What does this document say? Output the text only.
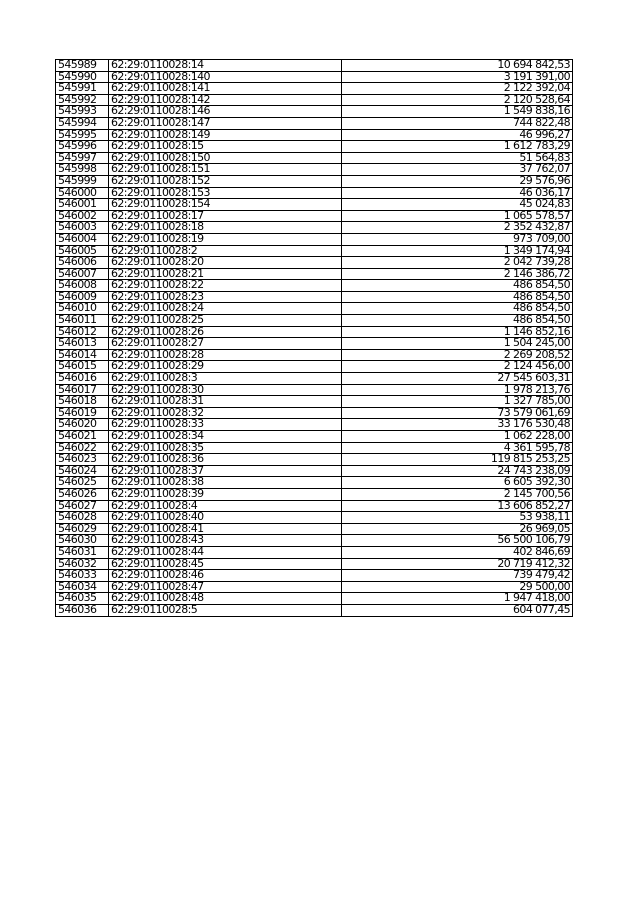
545989	62:29:0110028:14	10 694 842,53
545990	62:29:0110028:140	3 191 391,00
545991	62:29:0110028:141	2 122 392,04
545992	62:29:0110028:142	2 120 528,64
545993	62:29:0110028:146	1 549 838,16
545994	62:29:0110028:147	744 822,48
545995	62:29:0110028:149	46 996,27
545996	62:29:0110028:15	1 612 783,29
545997	62:29:0110028:150	51 564,83
545998	62:29:0110028:151	37 762,07
545999	62:29:0110028:152	29 576,96
546000	62:29:0110028:153	46 036,17
546001	62:29:0110028:154	45 024,83
546002	62:29:0110028:17	1 065 578,57
546003	62:29:0110028:18	2 352 432,87
546004	62:29:0110028:19	973 709,00
546005	62:29:0110028:2	1 349 174,94
546006	62:29:0110028:20	2 042 739,28
546007	62:29:0110028:21	2 146 386,72
546008	62:29:0110028:22	486 854,50
546009	62:29:0110028:23	486 854,50
546010	62:29:0110028:24	486 854,50
546011	62:29:0110028:25	486 854,50
546012	62:29:0110028:26	1 146 852,16
546013	62:29:0110028:27	1 504 245,00
546014	62:29:0110028:28	2 269 208,52
546015	62:29:0110028:29	2 124 456,00
546016	62:29:0110028:3	27 545 603,31
546017	62:29:0110028:30	1 978 213,76
546018	62:29:0110028:31	1 327 785,00
546019	62:29:0110028:32	73 579 061,69
546020	62:29:0110028:33	33 176 530,48
546021	62:29:0110028:34	1 062 228,00
546022	62:29:0110028:35	4 361 595,78
546023	62:29:0110028:36	119 815 253,25
546024	62:29:0110028:37	24 743 238,09
546025	62:29:0110028:38	6 605 392,30
546026	62:29:0110028:39	2 145 700,56
546027	62:29:0110028:4	13 606 852,27
546028	62:29:0110028:40	53 938,11
546029	62:29:0110028:41	26 969,05
546030	62:29:0110028:43	56 500 106,79
546031	62:29:0110028:44	402 846,69
546032	62:29:0110028:45	20 719 412,32
546033	62:29:0110028:46	739 479,42
546034	62:29:0110028:47	29 500,00
546035	62:29:0110028:48	1 947 418,00
546036	62:29:0110028:5	604 077,45
